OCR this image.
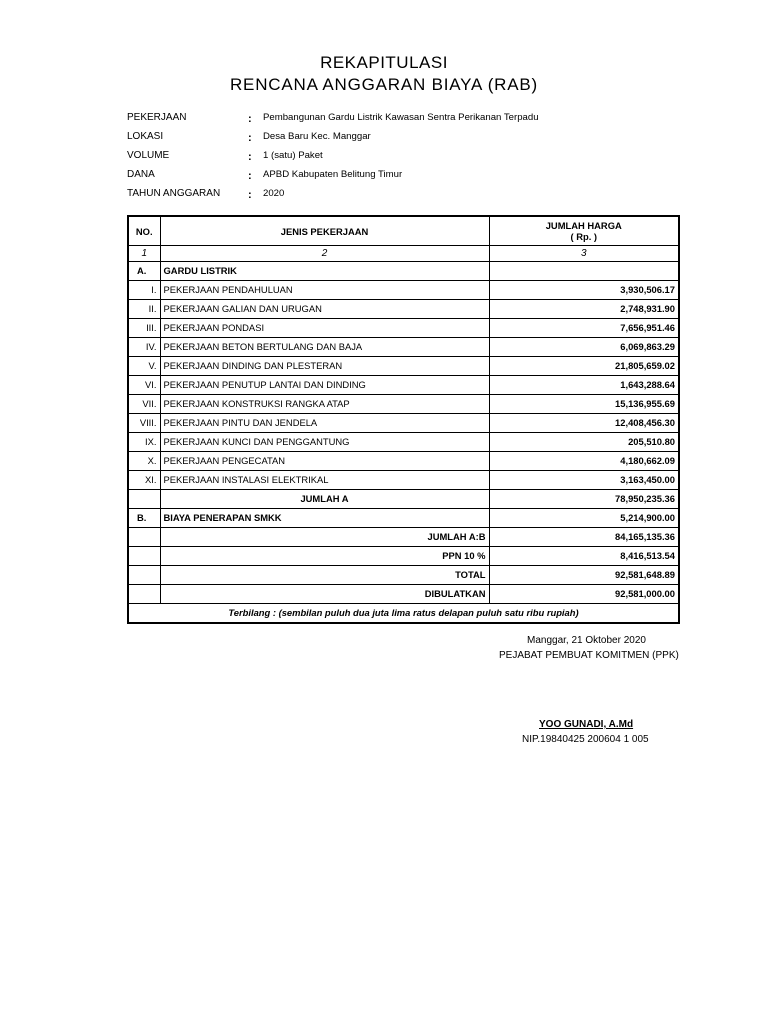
REKAPITULASI
RENCANA ANGGARAN BIAYA (RAB)
PEKERJAAN	: Pembangunan Gardu Listrik Kawasan Sentra Perikanan Terpadu
LOKASI	: Desa Baru Kec. Manggar
VOLUME	: 1 (satu) Paket
DANA	: APBD Kabupaten Belitung Timur
TAHUN ANGGARAN	: 2020
NO.	JENIS PEKERJAAN	JUMLAH HARGA
( Rp. )

1	2	3
A.	GARDU LISTRIK	
I.	PEKERJAAN PENDAHULUAN	3,930,506.17
II.	PEKERJAAN GALIAN DAN URUGAN	2,748,931.90
III.	PEKERJAAN PONDASI	7,656,951.46
IV.	PEKERJAAN BETON BERTULANG DAN BAJA	6,069,863.29
V.	PEKERJAAN DINDING DAN PLESTERAN	21,805,659.02
VI.	PEKERJAAN PENUTUP LANTAI DAN DINDING	1,643,288.64
VII.	PEKERJAAN KONSTRUKSI RANGKA ATAP	15,136,955.69
VIII.	PEKERJAAN PINTU DAN JENDELA	12,408,456.30
IX.	PEKERJAAN KUNCI DAN PENGGANTUNG	205,510.80
X.	PEKERJAAN PENGECATAN	4,180,662.09
XI.	PEKERJAAN INSTALASI ELEKTRIKAL	3,163,450.00
	JUMLAH A	78,950,235.36
B.	BIAYA PENERAPAN SMKK	5,214,900.00
	JUMLAH A:B	84,165,135.36
	PPN 10 %	8,416,513.54
	TOTAL	92,581,648.89
	DIBULATKAN	92,581,000.00
Terbilang : (sembilan puluh dua juta lima ratus delapan puluh satu ribu rupiah)		
Manggar, 21 Oktober 2020
PEJABAT PEMBUAT KOMITMEN (PPK)
YOO GUNADI, A.Md
NIP.19840425 200604 1 005
